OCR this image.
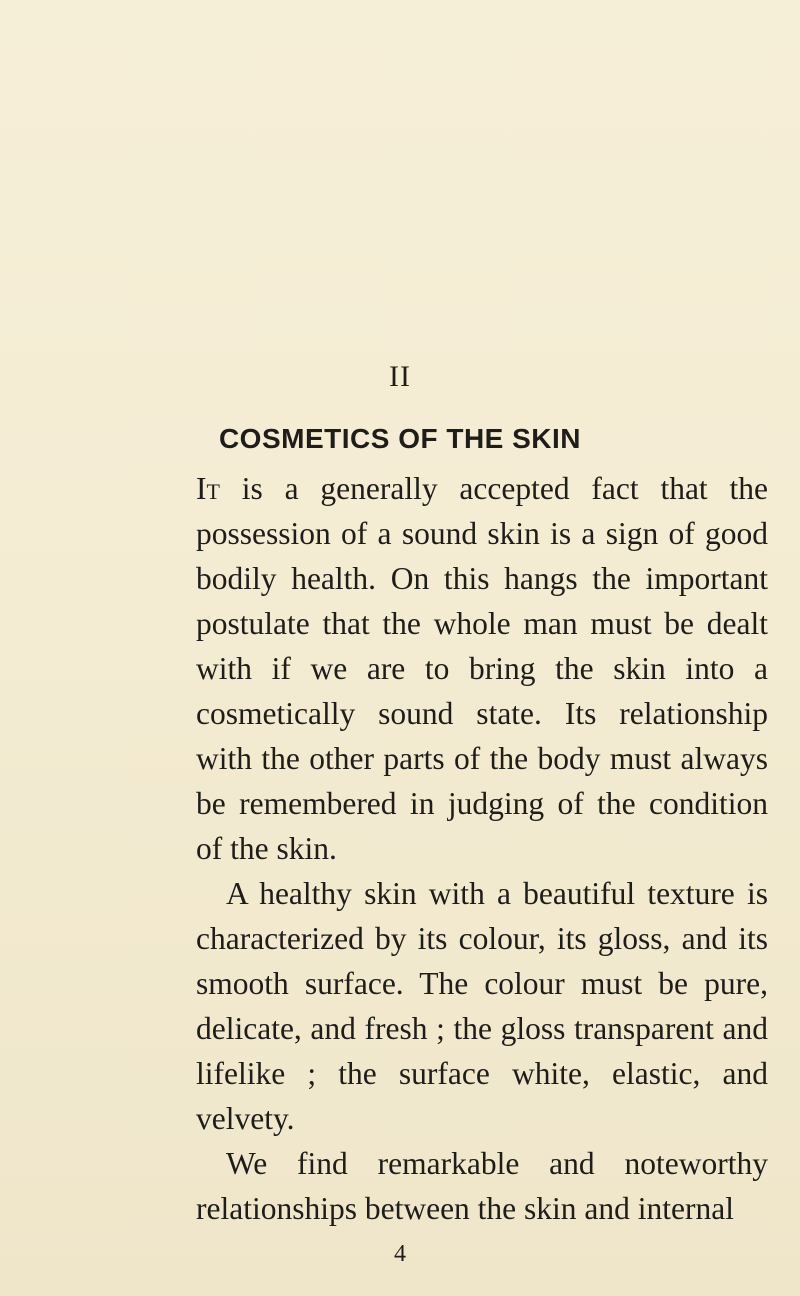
II
COSMETICS OF THE SKIN

It is a generally accepted fact that the possession of a sound skin is a sign of good bodily health. On this hangs the important postulate that the whole man must be dealt with if we are to bring the skin into a cosmetically sound state. Its relationship with the other parts of the body must always be remembered in judging of the condition of the skin.

A healthy skin with a beautiful texture is characterized by its colour, its gloss, and its smooth surface. The colour must be pure, delicate, and fresh ; the gloss transparent and lifelike ; the surface white, elastic, and velvety.

We find remarkable and noteworthy relationships between the skin and internal

4
